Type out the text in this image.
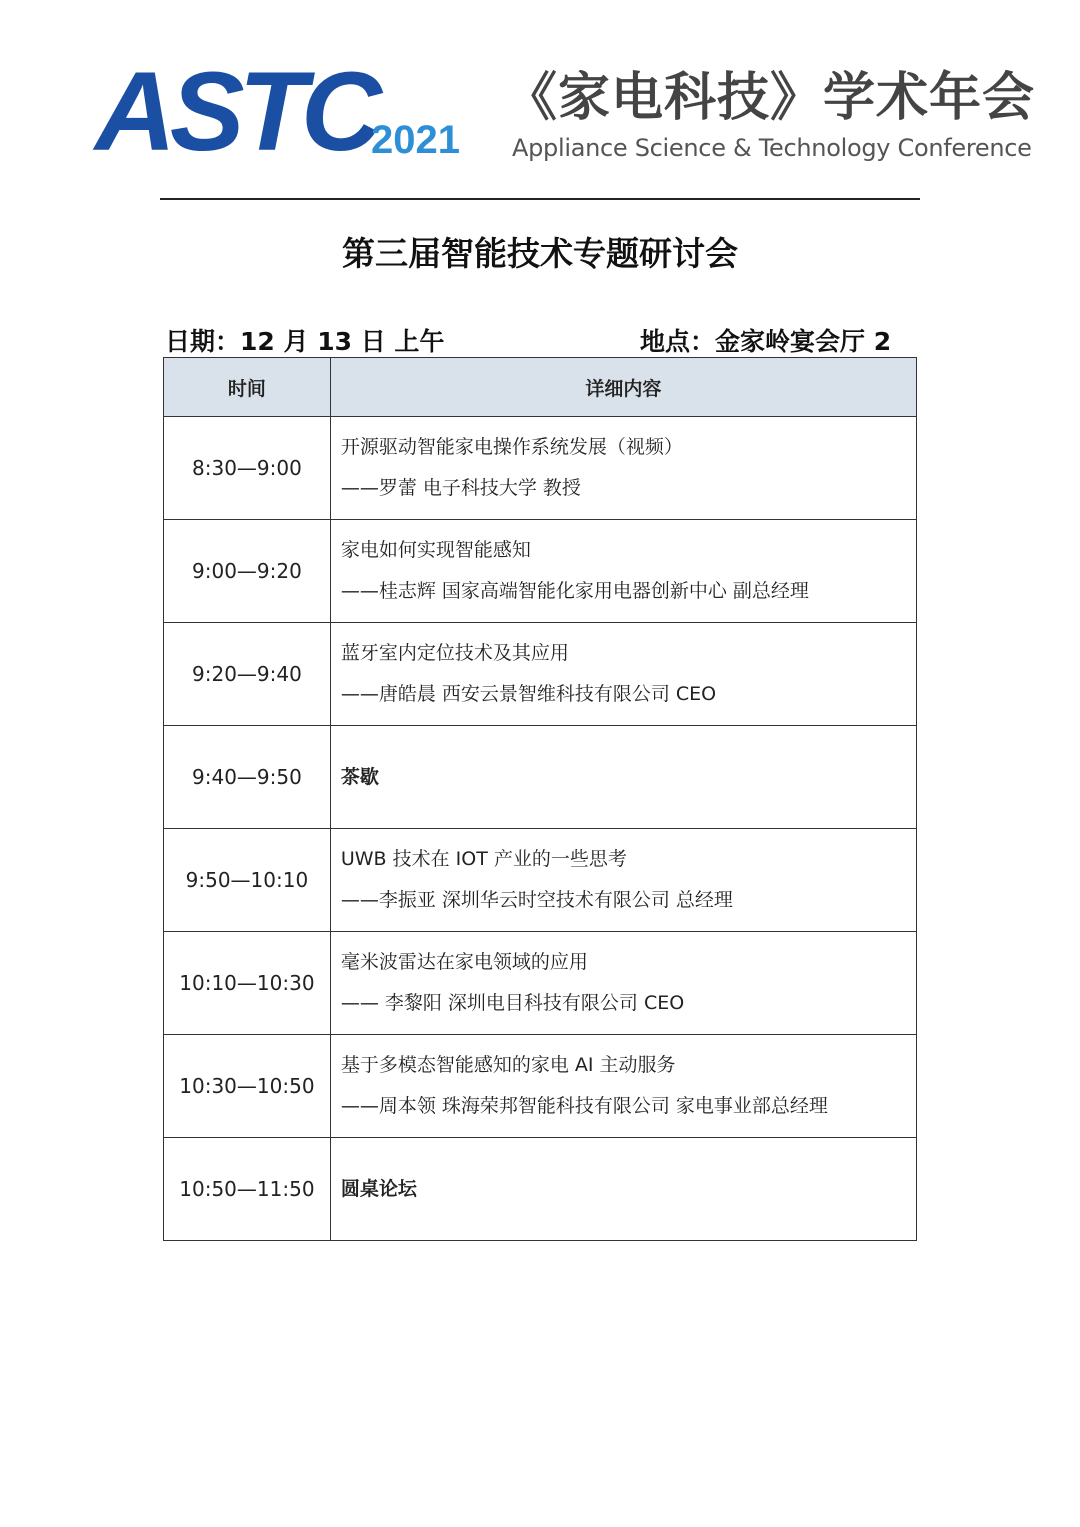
ASTC
2021
《家电科技》学术年会
Appliance Science & Technology Conference
第三届智能技术专题研讨会
日期：12 月 13 日 上午	地点：金家岭宴会厅 2
时间	详细内容
8:30—9:00	开源驱动智能家电操作系统发展（视频）
——罗蕾 电子科技大学 教授

9:00—9:20	家电如何实现智能感知
——桂志辉 国家高端智能化家用电器创新中心 副总经理

9:20—9:40	蓝牙室内定位技术及其应用
——唐皓晨 西安云景智维科技有限公司 CEO

9:40—9:50	茶歇

9:50—10:10	UWB 技术在 IOT 产业的一些思考
——李振亚 深圳华云时空技术有限公司 总经理

10:10—10:30	毫米波雷达在家电领域的应用
—— 李黎阳 深圳电目科技有限公司 CEO

10:30—10:50	基于多模态智能感知的家电 AI 主动服务
——周本领 珠海荣邦智能科技有限公司 家电事业部总经理

10:50—11:50	圆桌论坛
